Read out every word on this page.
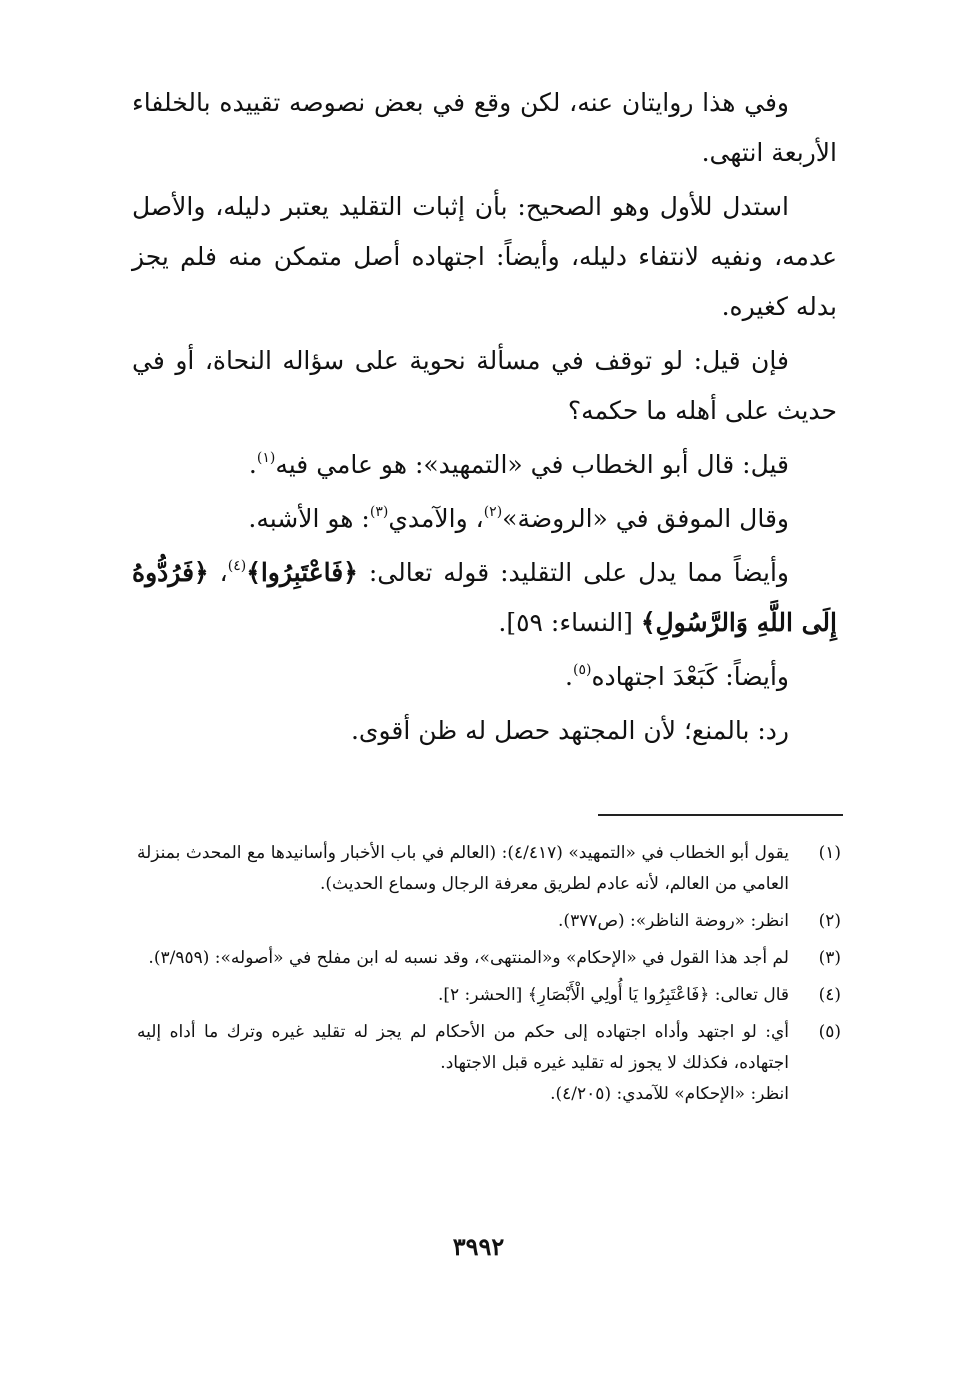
وفي هذا روايتان عنه، لكن وقع في بعض نصوصه تقييده بالخلفاء الأربعة انتهى.

استدل للأول وهو الصحيح: بأن إثبات التقليد يعتبر دليله، والأصل عدمه، ونفيه لانتفاء دليله، وأيضاً: اجتهاده أصل متمكن منه فلم يجز بدله كغيره.

فإن قيل: لو توقف في مسألة نحوية على سؤاله النحاة، أو في حديث على أهله ما حكمه؟

قيل: قال أبو الخطاب في «التمهيد»: هو عامي فيه$^{(١)}$.

وقال الموفق في «الروضة»$^{(٢)}$، والآمدي$^{(٣)}$: هو الأشبه.

وأيضاً مما يدل على التقليد: قوله تعالى: ﴿فَاعْتَبِرُوا﴾$^{(٤)}$، ﴿فَرُدُّوهُ إِلَى اللَّهِ وَالرَّسُولِ﴾ [النساء: ٥٩].

وأيضاً: كَبَعْدَ اجتهاده$^{(٥)}$.

رد: بالمنع؛ لأن المجتهد حصل له ظن أقوى.

(١)
يقول أبو الخطاب في «التمهيد» (٤/٤١٧): (العالم في باب الأخبار وأسانيدها مع المحدث بمنزلة العامي من العالم، لأنه عادم لطريق معرفة الرجال وسماع الحديث).
(٢)
انظر: «روضة الناظر»: (ص٣٧٧).
(٣)
لم أجد هذا القول في «الإحكام» و«المنتهى»، وقد نسبه له ابن مفلح في «أصوله»: (٣/٩٥٩).
(٤)
قال تعالى: ﴿فَاعْتَبِرُوا يَا أُولِي الْأَبْصَارِ﴾ [الحشر: ٢].
(٥)
أي: لو اجتهد وأداه اجتهاده إلى حكم من الأحكام لم يجز له تقليد غيره وترك ما أداه إليه اجتهاده، فكذلك لا يجوز له تقليد غيره قبل الاجتهاد.
انظر: «الإحكام» للآمدي: (٤/٢٠٥).
٣٩٩٢
